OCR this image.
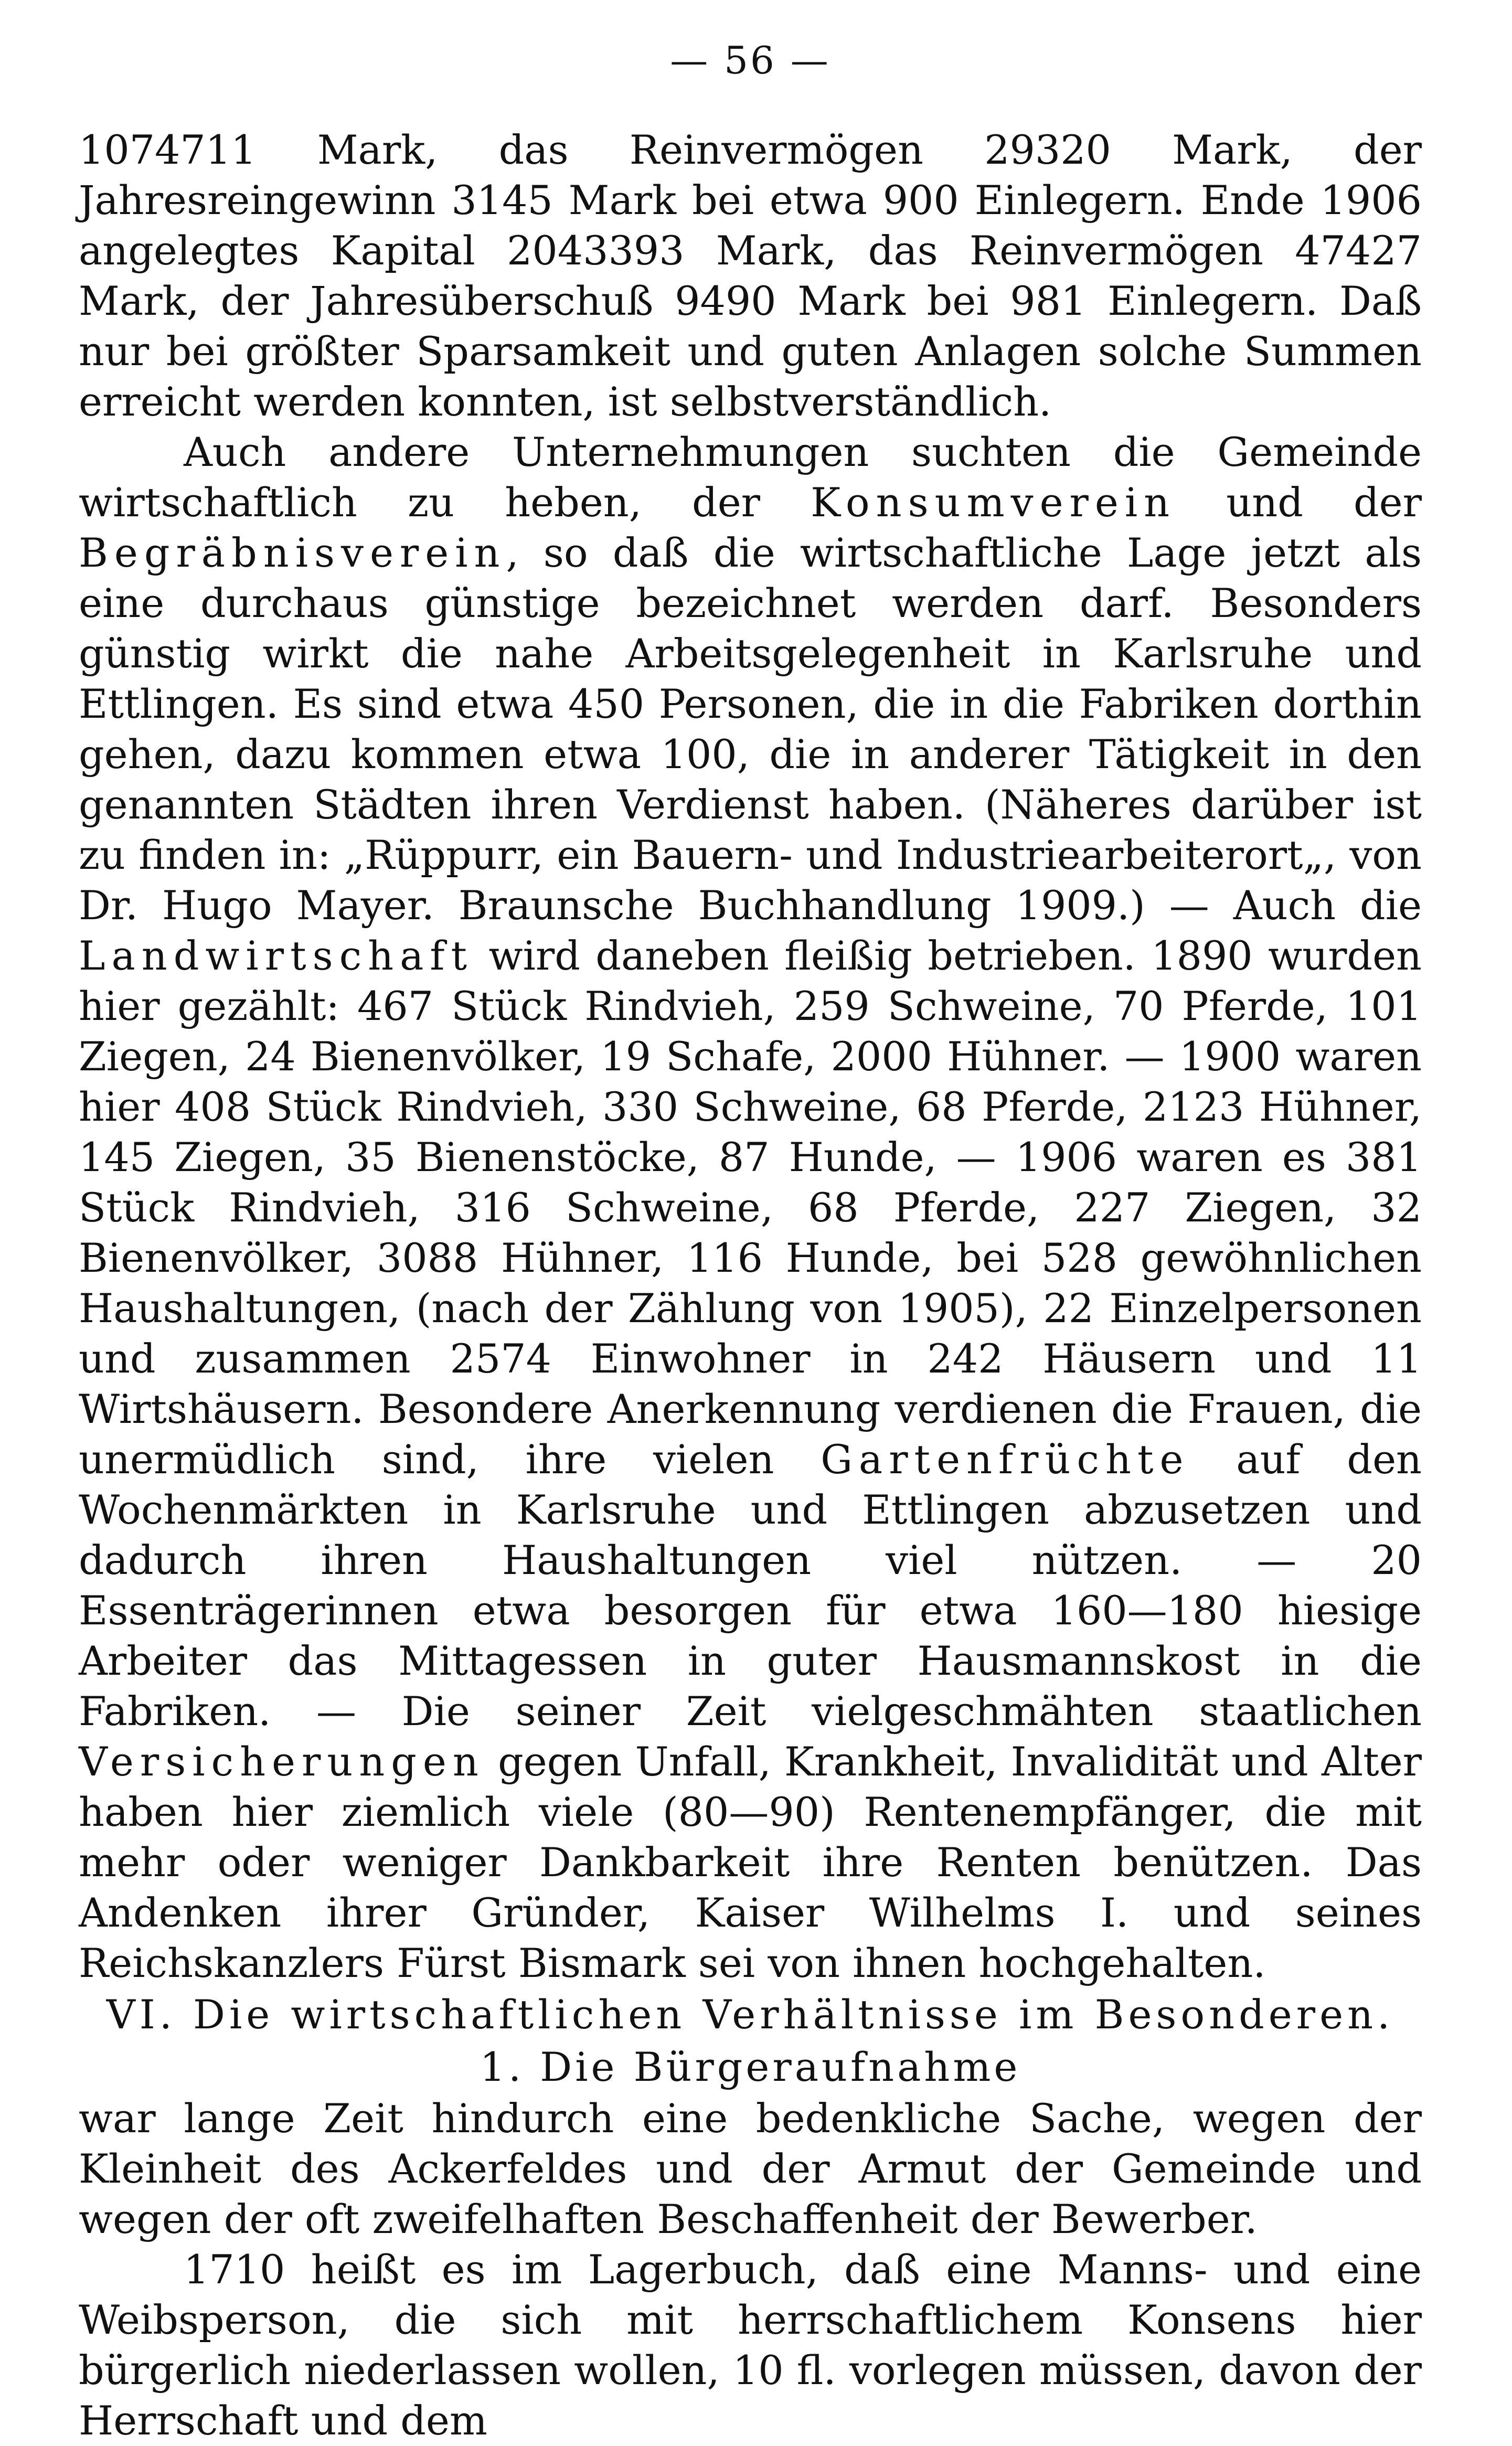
— 56 —

1074711 Mark, das Reinvermögen 29320 Mark, der Jahresreingewinn 3145 Mark bei etwa 900 Einlegern. Ende 1906 angelegtes Kapital 2043393 Mark, das Reinvermögen 47427 Mark, der Jahresüberschuß 9490 Mark bei 981 Einlegern. Daß nur bei größter Sparsamkeit und guten Anlagen solche Summen erreicht werden konnten, ist selbstverständlich.

Auch andere Unternehmungen suchten die Gemeinde wirtschaftlich zu heben, der Konsumverein und der Begräbnisverein, so daß die wirtschaftliche Lage jetzt als eine durchaus günstige bezeichnet werden darf. Besonders günstig wirkt die nahe Arbeitsgelegenheit in Karlsruhe und Ettlingen. Es sind etwa 450 Personen, die in die Fabriken dorthin gehen, dazu kommen etwa 100, die in anderer Tätigkeit in den genannten Städten ihren Verdienst haben. (Näheres darüber ist zu finden in: „Rüppurr, ein Bauern- und Industriearbeiterort„, von Dr. Hugo Mayer. Braunsche Buchhandlung 1909.) — Auch die Landwirtschaft wird daneben fleißig betrieben. 1890 wurden hier gezählt: 467 Stück Rindvieh, 259 Schweine, 70 Pferde, 101 Ziegen, 24 Bienenvölker, 19 Schafe, 2000 Hühner. — 1900 waren hier 408 Stück Rindvieh, 330 Schweine, 68 Pferde, 2123 Hühner, 145 Ziegen, 35 Bienenstöcke, 87 Hunde, — 1906 waren es 381 Stück Rindvieh, 316 Schweine, 68 Pferde, 227 Ziegen, 32 Bienenvölker, 3088 Hühner, 116 Hunde, bei 528 gewöhnlichen Haushaltungen, (nach der Zählung von 1905), 22 Einzelpersonen und zusammen 2574 Einwohner in 242 Häusern und 11 Wirtshäusern. Besondere Anerkennung verdienen die Frauen, die unermüdlich sind, ihre vielen Gartenfrüchte auf den Wochenmärkten in Karlsruhe und Ettlingen abzusetzen und dadurch ihren Haushaltungen viel nützen. — 20 Essenträgerinnen etwa besorgen für etwa 160—180 hiesige Arbeiter das Mittagessen in guter Hausmannskost in die Fabriken. — Die seiner Zeit vielgeschmähten staatlichen Versicherungen gegen Unfall, Krankheit, Invalidität und Alter haben hier ziemlich viele (80—90) Rentenempfänger, die mit mehr oder weniger Dankbarkeit ihre Renten benützen. Das Andenken ihrer Gründer, Kaiser Wilhelms I. und seines Reichskanzlers Fürst Bismark sei von ihnen hochgehalten.

VI. Die wirtschaftlichen Verhältnisse im Besonderen.

1. Die Bürgeraufnahme

war lange Zeit hindurch eine bedenkliche Sache, wegen der Kleinheit des Ackerfeldes und der Armut der Gemeinde und wegen der oft zweifelhaften Beschaffenheit der Bewerber.

1710 heißt es im Lagerbuch, daß eine Manns- und eine Weibsperson, die sich mit herrschaftlichem Konsens hier bürgerlich niederlassen wollen, 10 fl. vorlegen müssen, davon der Herrschaft und dem
